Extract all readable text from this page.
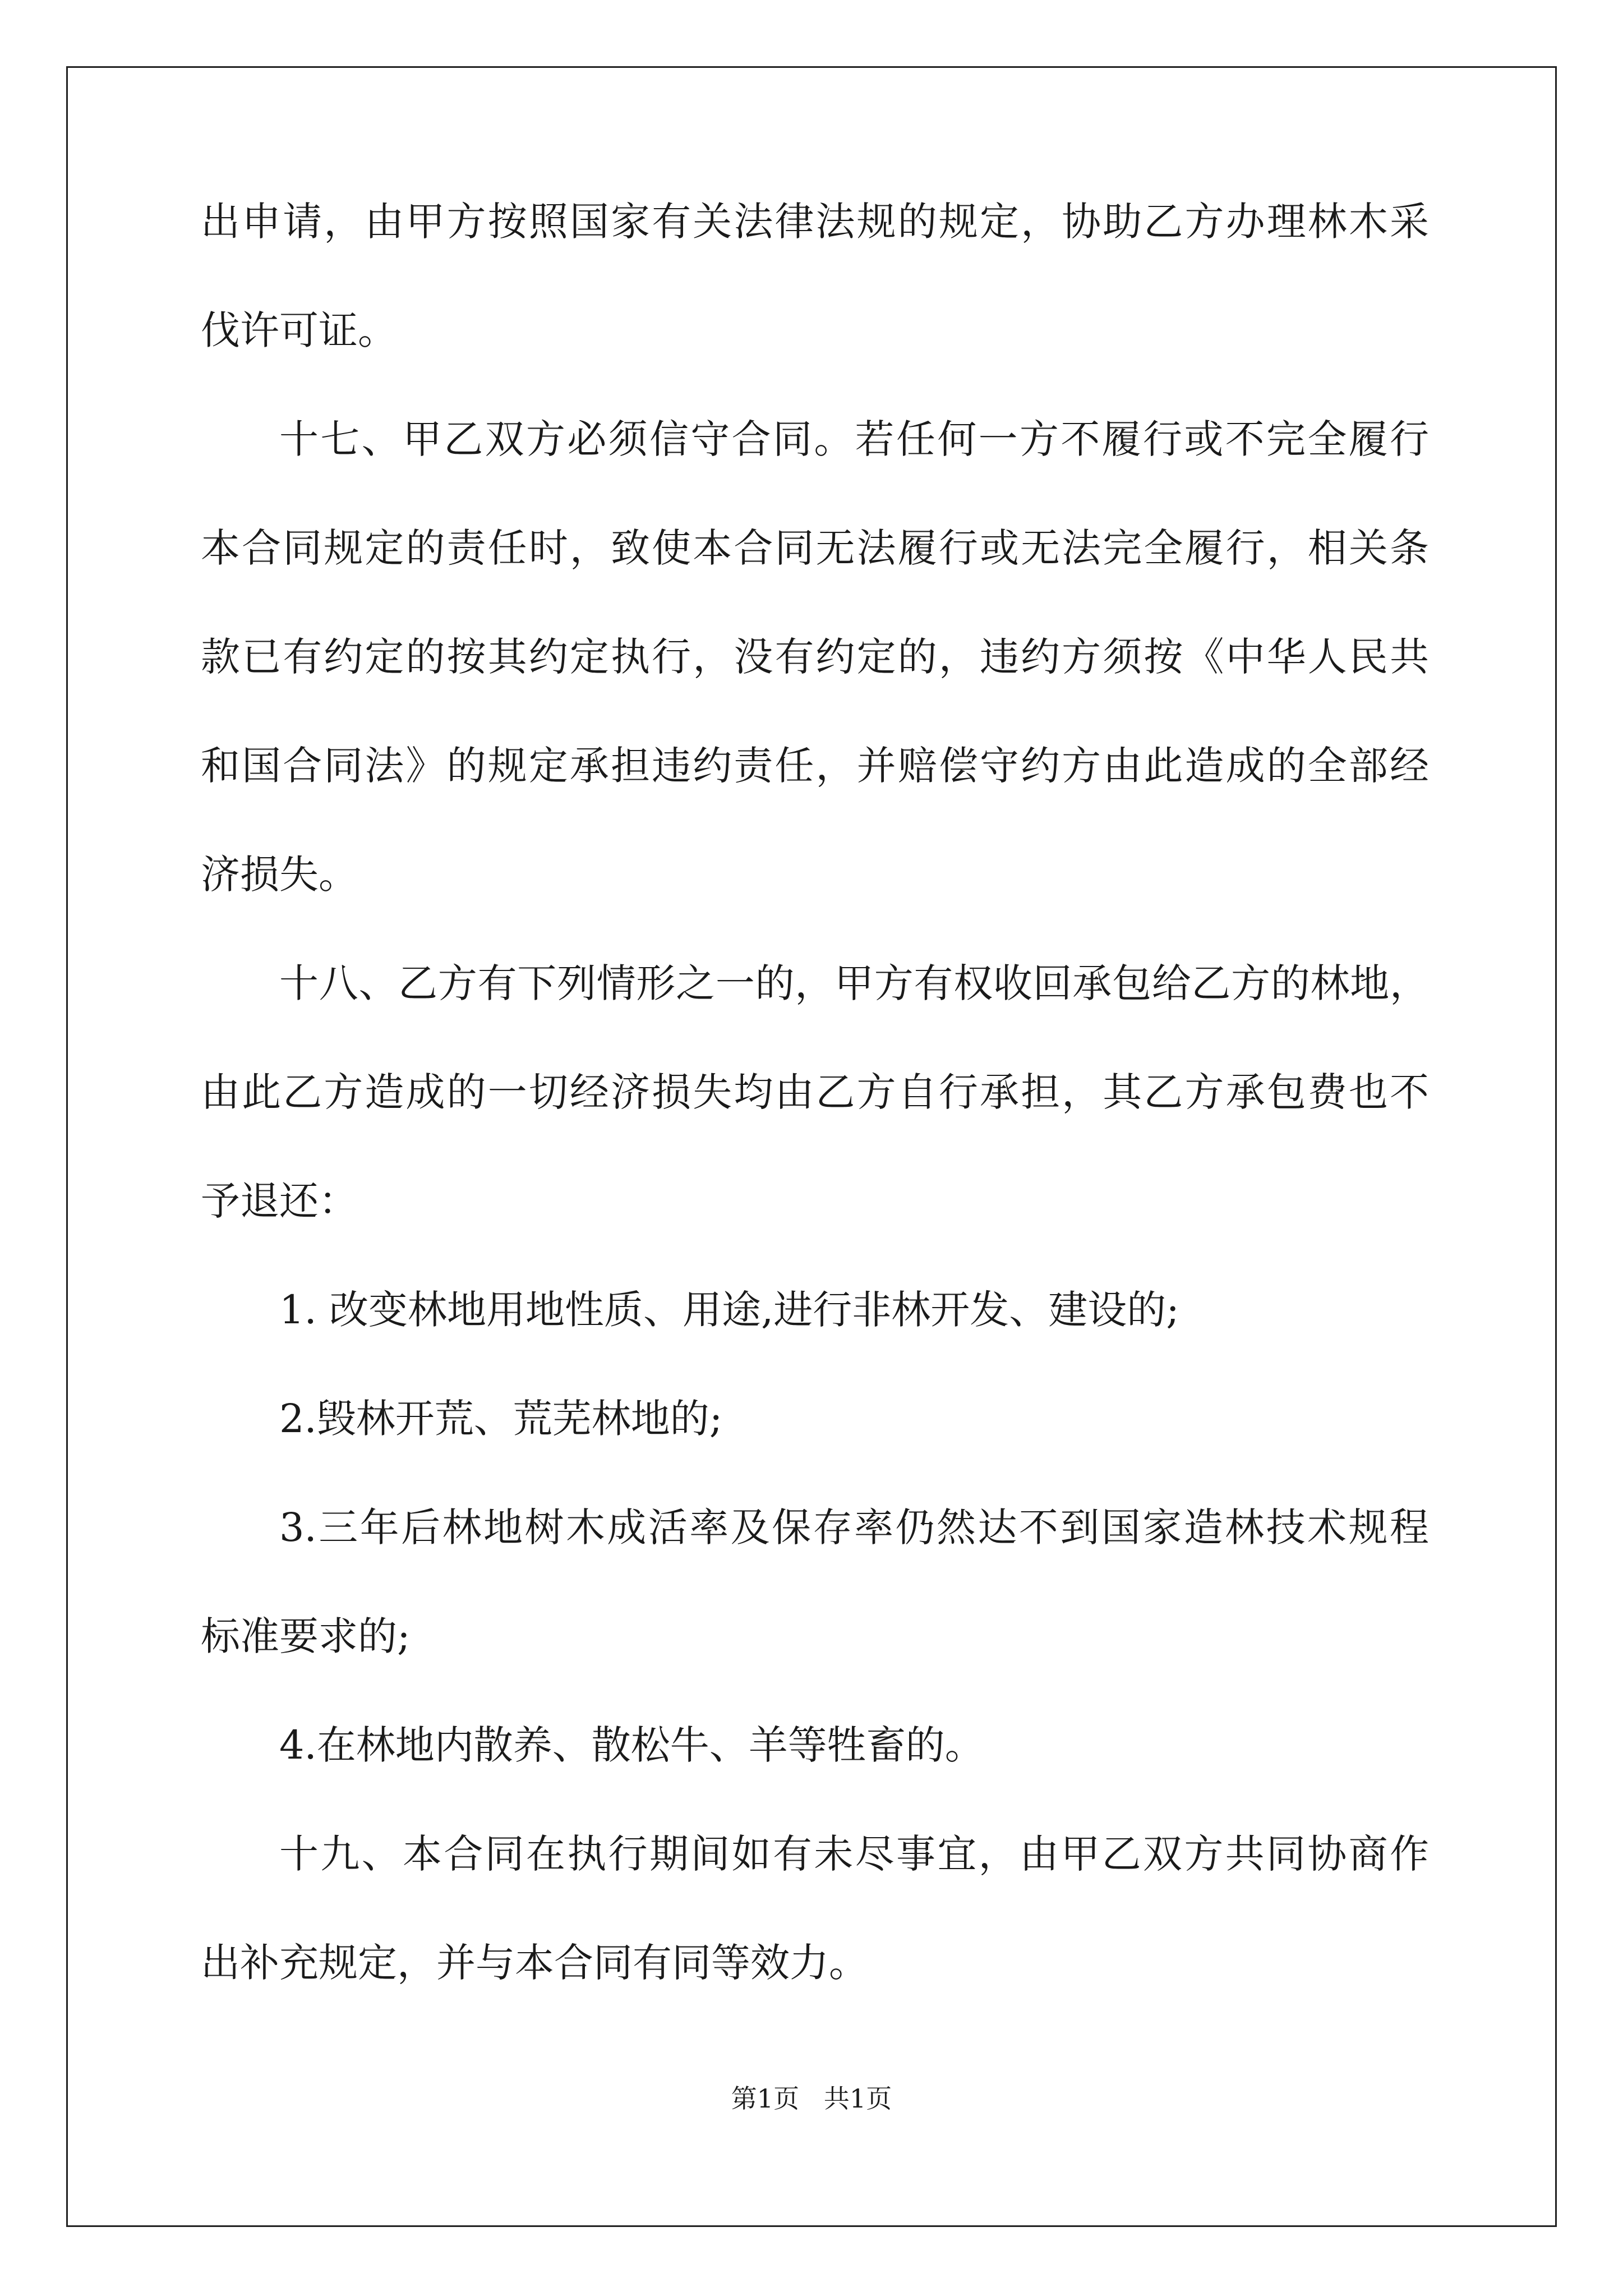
出申请，由甲方按照国家有关法律法规的规定，协助乙方办理林木采
伐许可证。
十七、甲乙双方必须信守合同。若任何一方不履行或不完全履行
本合同规定的责任时，致使本合同无法履行或无法完全履行，相关条
款已有约定的按其约定执行，没有约定的，违约方须按《中华人民共
和国合同法》的规定承担违约责任，并赔偿守约方由此造成的全部经
济损失。
十八、乙方有下列情形之一的，甲方有权收回承包给乙方的林地，
由此乙方造成的一切经济损失均由乙方自行承担，其乙方承包费也不
予退还：
1. 改变林地用地性质、用途,进行非林开发、建设的;
2.毁林开荒、荒芜林地的;
3.三年后林地树木成活率及保存率仍然达不到国家造林技术规程
标准要求的;
4.在林地内散养、散松牛、羊等牲畜的。
十九、本合同在执行期间如有未尽事宜，由甲乙双方共同协商作
出补充规定，并与本合同有同等效力。
第1页   共1页
